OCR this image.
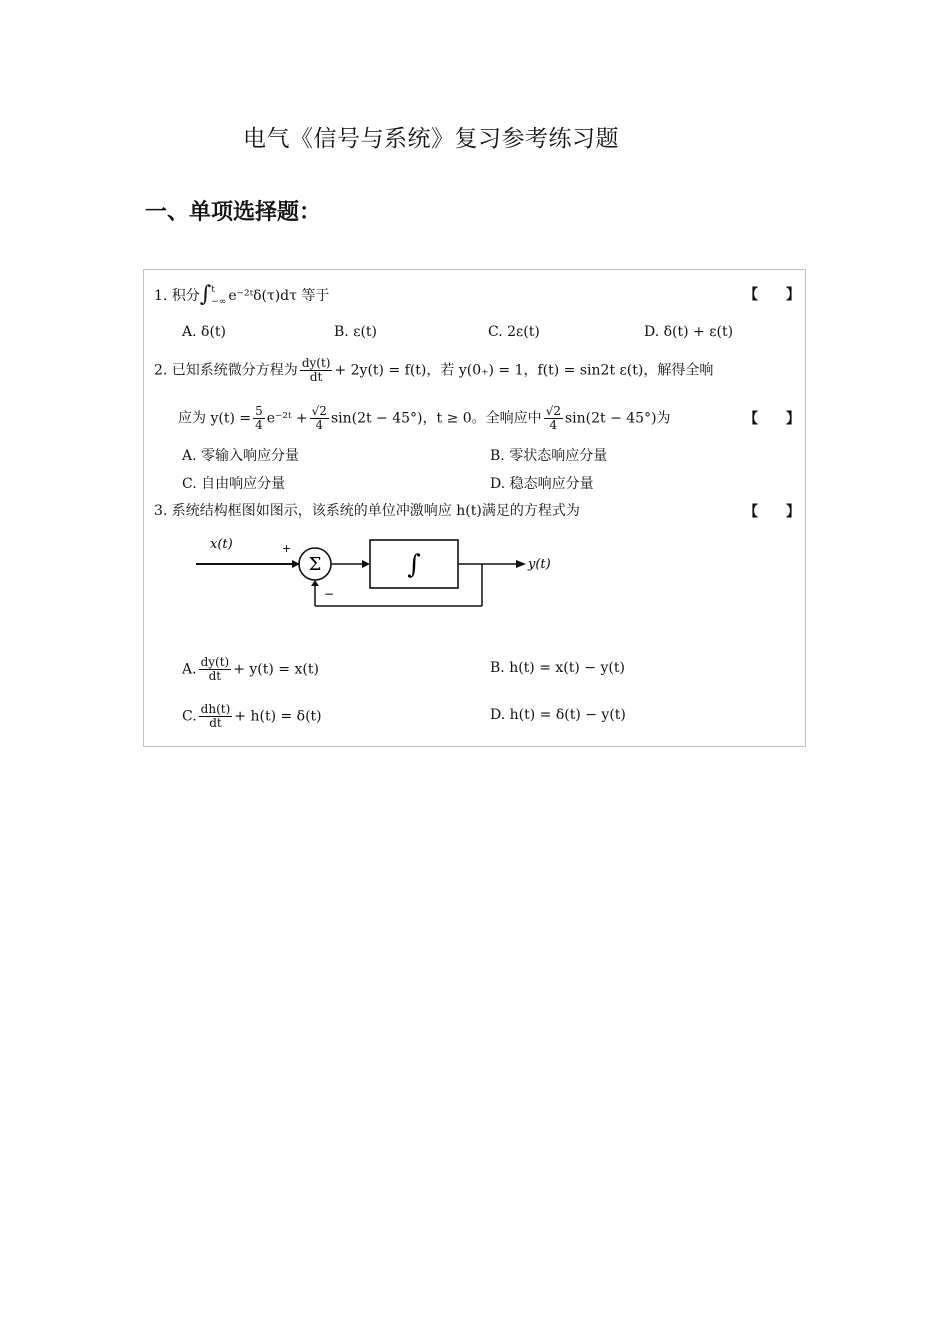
电气《信号与系统》复习参考练习题
一、单项选择题：
1. 积分∫ t
−∞ e⁻²ᵗδ(τ)dτ 等于	【　　】
A. δ(t)	B. ε(t)	C. 2ε(t)	D. δ(t) + ε(t)
2. 已知系统微分方程为 $\frac{dy(t)}{dt} + 2y(t) = f(t)$，若 y(0₊) = 1，f(t) = sin2t ε(t)，解得全响
应为 $y(t) = \frac{5}{4}$ e⁻²ᵗ + $\frac{√2}{4} \sin(2t - 45^\circ)$，t ≥ 0。全响应中 $\frac{√2}{4} \sin(2t - 45^\circ)$为	【　　】
A. 零输入响应分量	B. 零状态响应分量
C. 自由响应分量	D. 稳态响应分量
3. 系统结构框图如图示，该系统的单位冲激响应 h(t)满足的方程式为	【　　】
x(t)	+
Σ	∫	y(t)
−
A. $\frac{dy(t)}{dt} + y(t) = x(t)$	B. h(t) = x(t) − y(t)
C. $\frac{dh(t)}{dt} + h(t) = \delta(t)$	D. h(t) = δ(t) − y(t)
